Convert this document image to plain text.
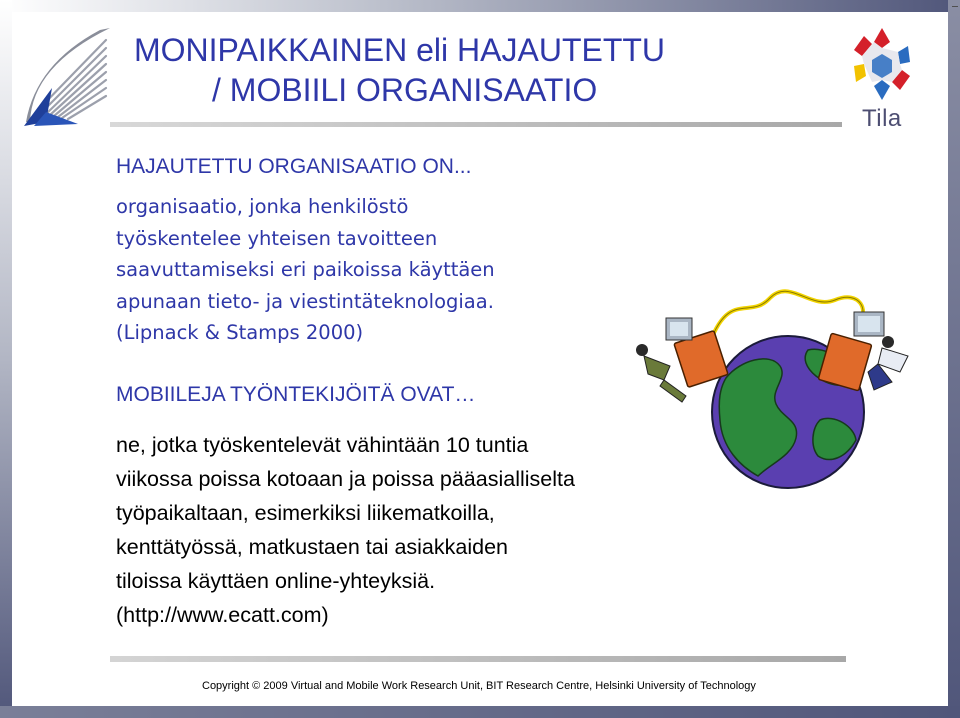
Tila
MONIPAIKKAINEN eli HAJAUTETTU
/ MOBIILI ORGANISAATIO
HAJAUTETTU ORGANISAATIO ON...

organisaatio, jonka henkilöstö
työskentelee yhteisen tavoitteen
saavuttamiseksi eri paikoissa käyttäen
apunaan tieto- ja viestintäteknologiaa.
(Lipnack & Stamps 2000)

MOBIILEJA TYÖNTEKIJÖITÄ OVAT…

ne, jotka työskentelevät vähintään 10 tuntia
viikossa poissa kotoaan ja poissa pääasialliselta
työpaikaltaan, esimerkiksi liikematkoilla,
kenttätyössä, matkustaen tai asiakkaiden
tiloissa käyttäen online-yhteyksiä.
(http://www.ecatt.com)

Copyright © 2009 Virtual and Mobile Work Research Unit, BIT Research Centre, Helsinki University of Technology
